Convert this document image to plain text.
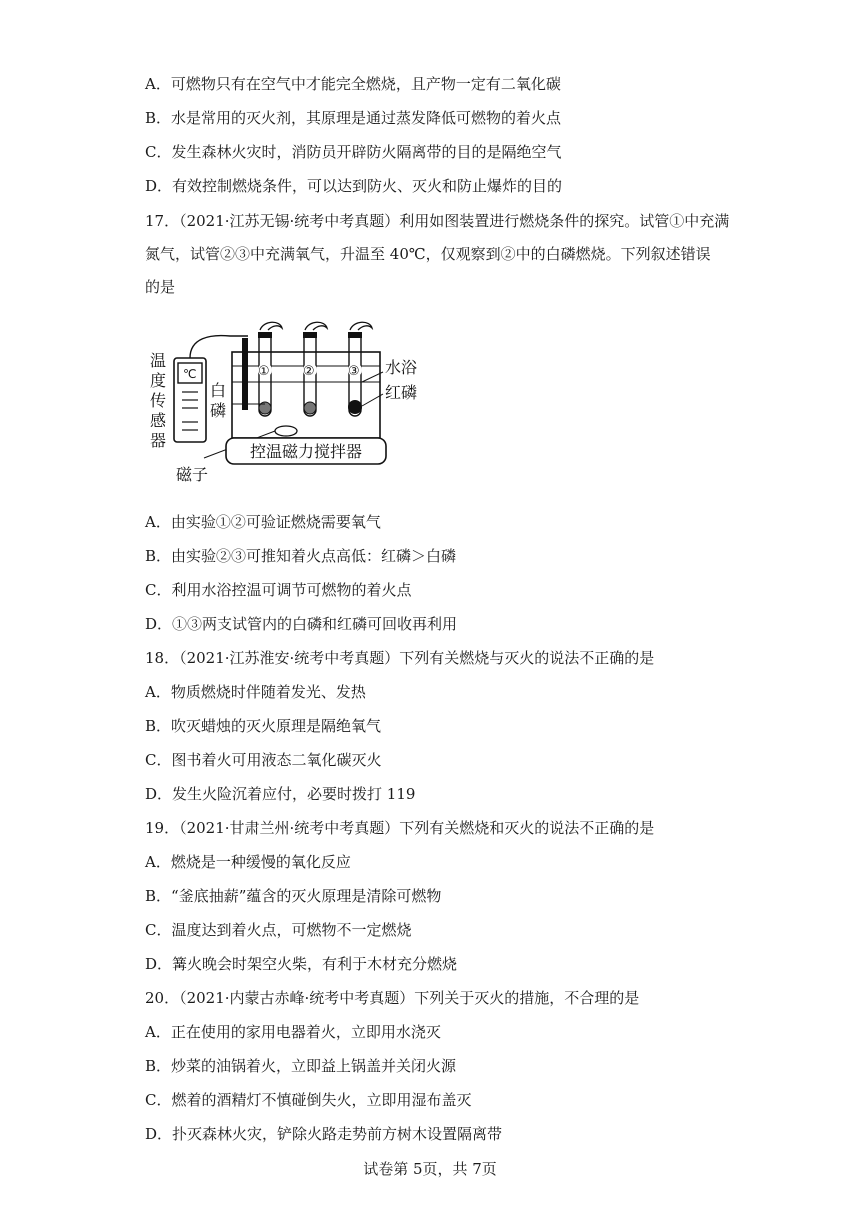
A．可燃物只有在空气中才能完全燃烧，且产物一定有二氧化碳
B．水是常用的灭火剂，其原理是通过蒸发降低可燃物的着火点
C．发生森林火灾时，消防员开辟防火隔离带的目的是隔绝空气
D．有效控制燃烧条件，可以达到防火、灭火和防止爆炸的目的
17．（2021·江苏无锡·统考中考真题）利用如图装置进行燃烧条件的探究。试管①中充满
氮气，试管②③中充满氧气，升温至 40℃，仅观察到②中的白磷燃烧。下列叙述错误
的是
℃
温
度
传
感
器
①	②	③
白
磷
水浴
红磷
控温磁力搅拌器
磁子
A．由实验①②可验证燃烧需要氧气
B．由实验②③可推知着火点高低：红磷＞白磷
C．利用水浴控温可调节可燃物的着火点
D．①③两支试管内的白磷和红磷可回收再利用
18．（2021·江苏淮安·统考中考真题）下列有关燃烧与灭火的说法不正确的是
A．物质燃烧时伴随着发光、发热
B．吹灭蜡烛的灭火原理是隔绝氧气
C．图书着火可用液态二氧化碳灭火
D．发生火险沉着应付，必要时拨打 119
19．（2021·甘肃兰州·统考中考真题）下列有关燃烧和灭火的说法不正确的是
A．燃烧是一种缓慢的氧化反应
B．“釜底抽薪”蕴含的灭火原理是清除可燃物
C．温度达到着火点，可燃物不一定燃烧
D．篝火晚会时架空火柴，有利于木材充分燃烧
20．（2021·内蒙古赤峰·统考中考真题）下列关于灭火的措施，不合理的是
A．正在使用的家用电器着火，立即用水浇灭
B．炒菜的油锅着火，立即益上锅盖并关闭火源
C．燃着的酒精灯不慎碰倒失火，立即用湿布盖灭
D．扑灭森林火灾，铲除火路走势前方树木设置隔离带
试卷第 5页，共 7页
